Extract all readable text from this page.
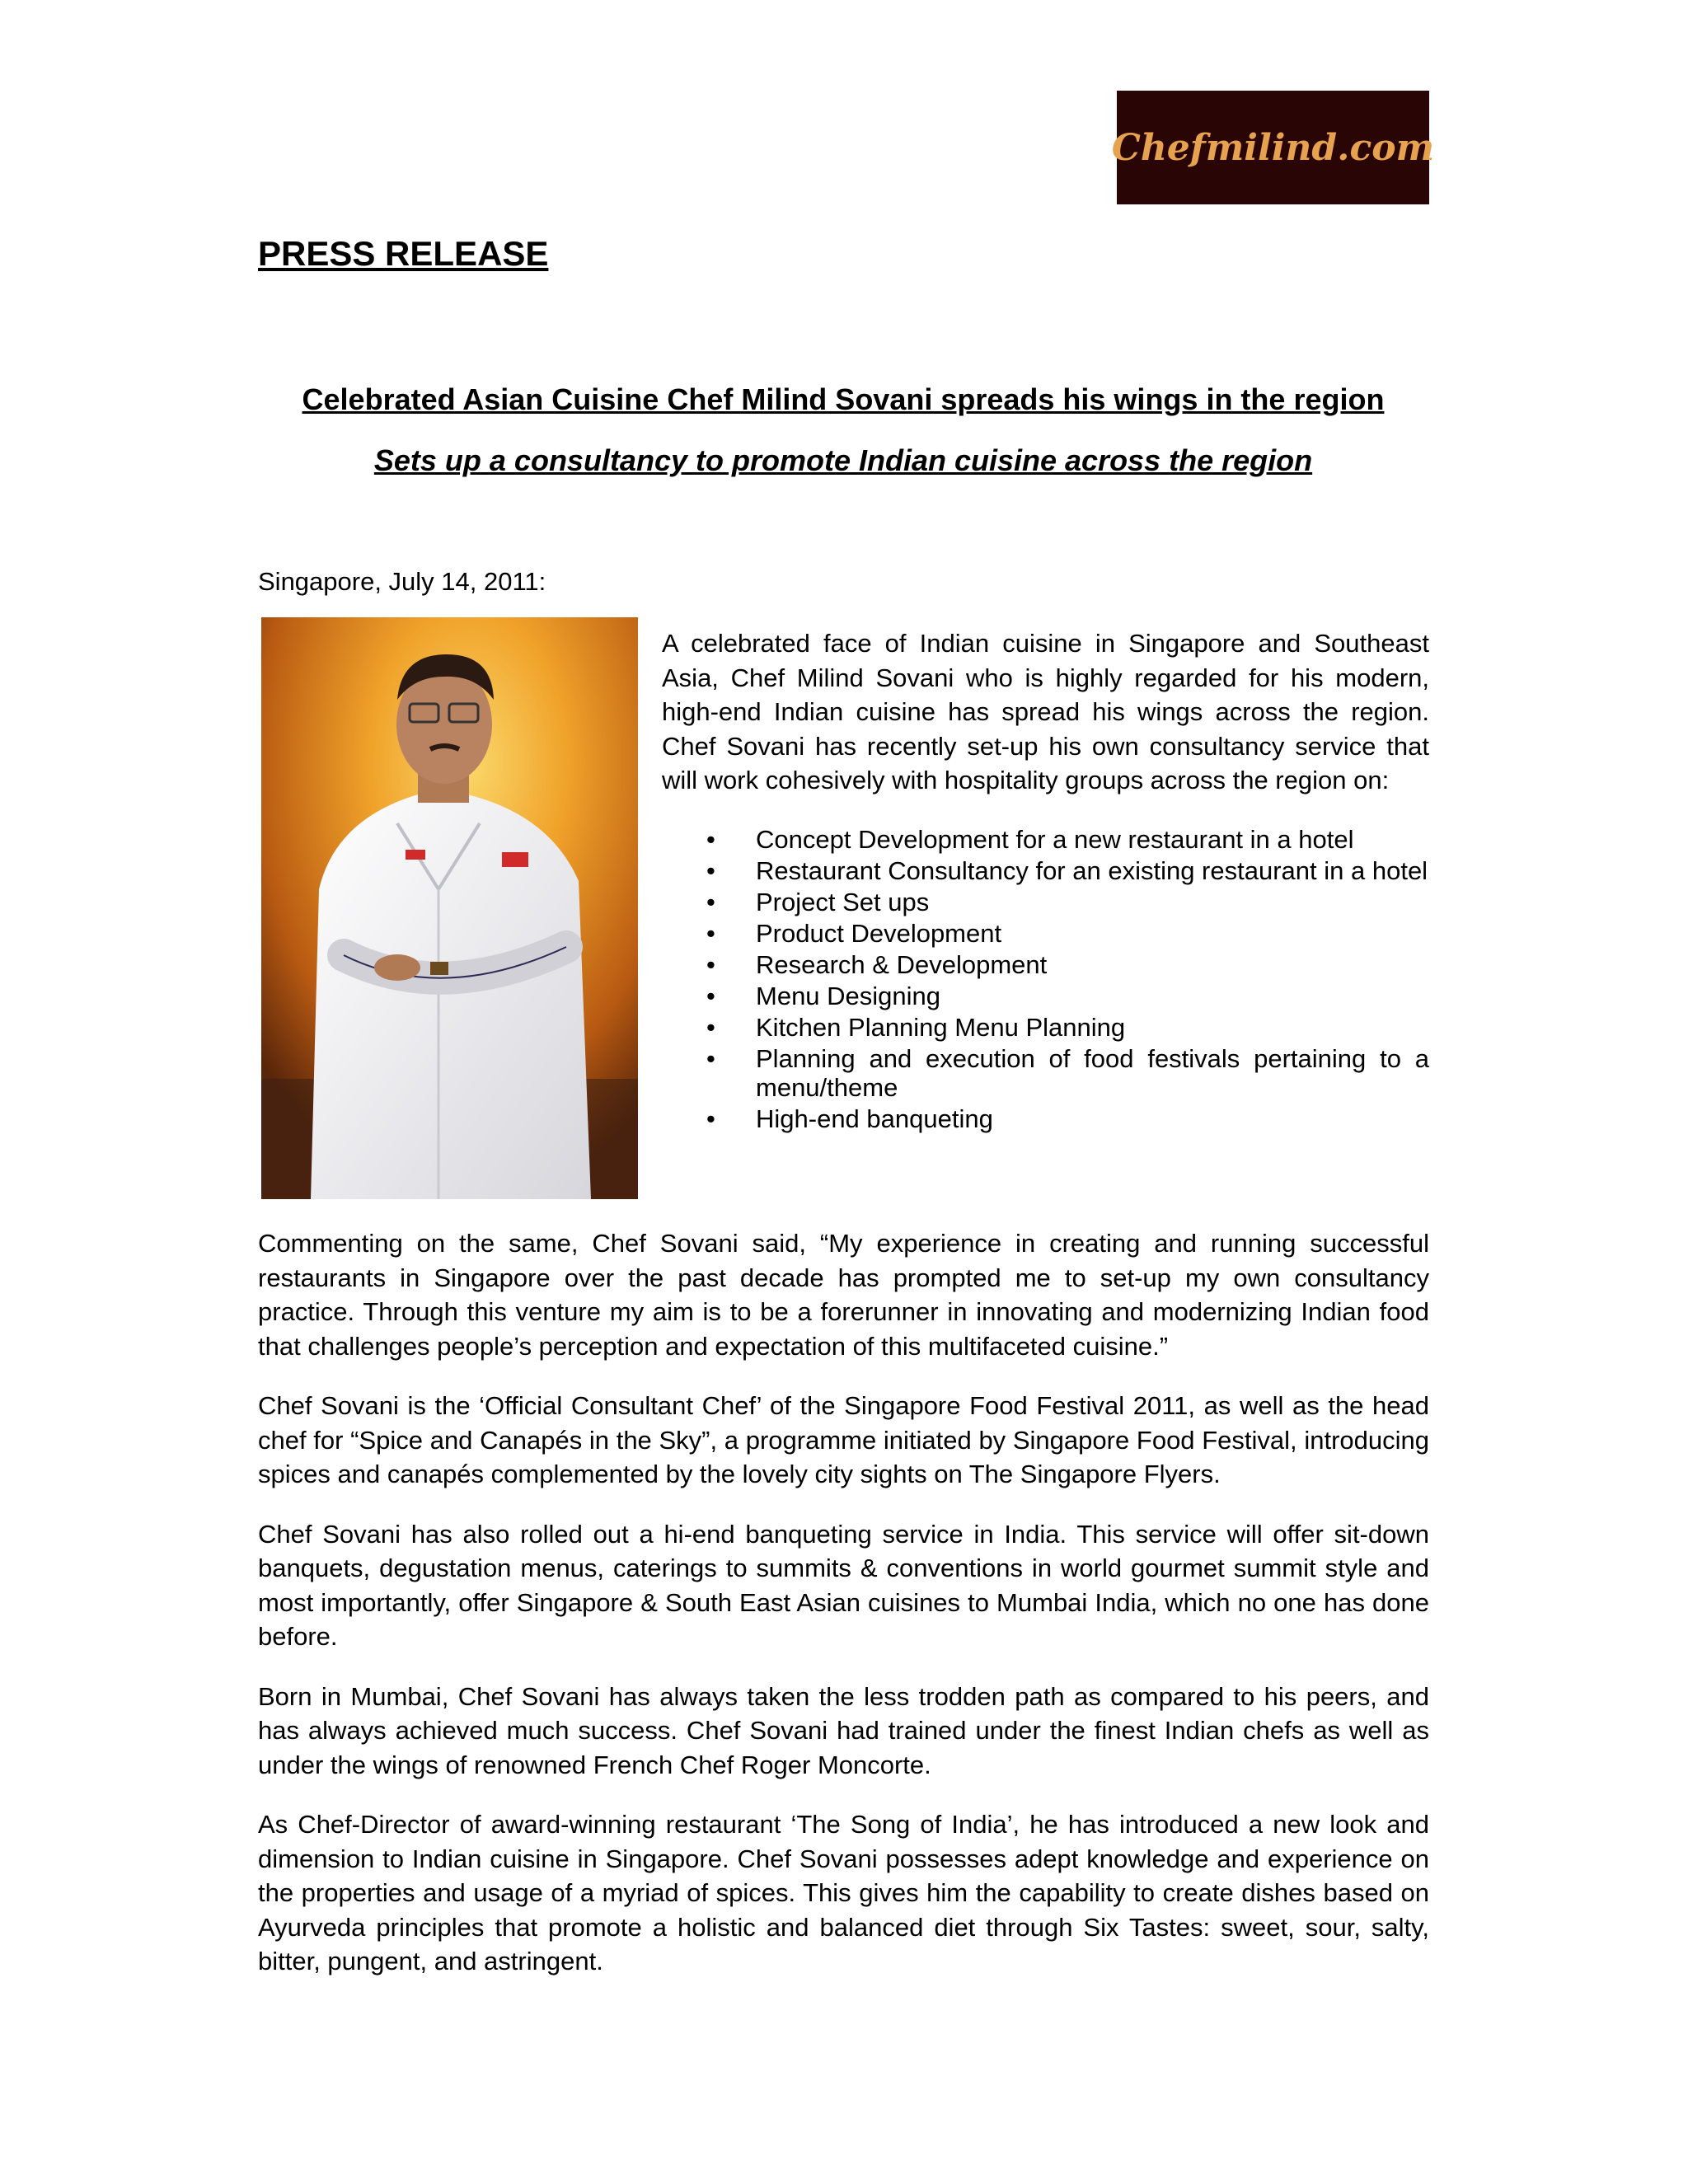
Chefmilind.com
PRESS RELEASE
Celebrated Asian Cuisine Chef Milind Sovani spreads his wings in the region
Sets up a consultancy to promote Indian cuisine across the region
Singapore, July 14, 2011:

A celebrated face of Indian cuisine in Singapore and Southeast Asia, Chef Milind Sovani who is highly regarded for his modern, high-end Indian cuisine has spread his wings across the region. Chef Sovani has recently set-up his own consultancy service that will work cohesively with hospitality groups across the region on:

• Concept Development for a new restaurant in a hotel
• Restaurant Consultancy for an existing restaurant in a hotel
• Project Set ups
• Product Development
• Research & Development
• Menu Designing
• Kitchen Planning Menu Planning
• Planning and execution of food festivals pertaining to a menu/theme
• High-end banqueting

Commenting on the same, Chef Sovani said, “My experience in creating and running successful restaurants in Singapore over the past decade has prompted me to set-up my own consultancy practice. Through this venture my aim is to be a forerunner in innovating and modernizing Indian food that challenges people’s perception and expectation of this multifaceted cuisine.”

Chef Sovani is the ‘Official Consultant Chef’ of the Singapore Food Festival 2011, as well as the head chef for “Spice and Canapés in the Sky”, a programme initiated by Singapore Food Festival, introducing spices and canapés complemented by the lovely city sights on The Singapore Flyers.

Chef Sovani has also rolled out a hi-end banqueting service in India. This service will offer sit-down banquets, degustation menus, caterings to summits & conventions in world gourmet summit style and most importantly, offer Singapore & South East Asian cuisines to Mumbai India, which no one has done before.

Born in Mumbai, Chef Sovani has always taken the less trodden path as compared to his peers, and has always achieved much success. Chef Sovani had trained under the finest Indian chefs as well as under the wings of renowned French Chef Roger Moncorte.

As Chef-Director of award-winning restaurant ‘The Song of India’, he has introduced a new look and dimension to Indian cuisine in Singapore. Chef Sovani possesses adept knowledge and experience on the properties and usage of a myriad of spices. This gives him the capability to create dishes based on Ayurveda principles that promote a holistic and balanced diet through Six Tastes: sweet, sour, salty, bitter, pungent, and astringent.
